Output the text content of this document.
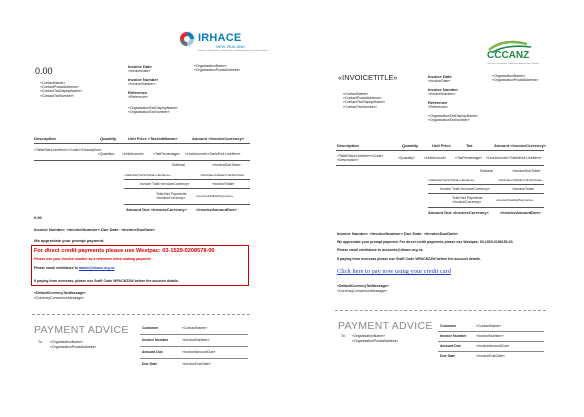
IRHACE
NEW ZEALAND
Institute of Refrigeration, Heating & Air Conditioning Engineers of New Zealand
0.00
«ContactName»
«ContactPostalAddress»
«ContactTaxDisplayName»
«ContactTaxNumber»
Invoice Date
«InvoiceDate»
Invoice Number
«InvoiceNumber»
Reference
«Reference»
«OrganisationTaxDisplayName»
«OrganisationTaxNumber»
«OrganisationName»
«OrganisationPostalAddress»
Description	Quantity	Unit Price «TaxUnitName»	Amount «InvoiceCurrency»
«TableStart:LineItem»«Code»«Description»
«Quantity» «UnitAmount»	«TaxPercentage» «LineAmount»«TableEnd:LineItem»
Subtotal	«InvoiceSubTotal»
«TableStart:TaxSubTotal»«TaxName»	«TaxTotal»«TableEnd:TaxSubTotal»
Invoice Total «InvoiceCurrency»	«InvoiceTotal»
Total Net Payments
«InvoiceCurrency»	«InvoiceTotalNetPayments»
Amount Due «InvoiceCurrency» «InvoiceAmountDue»
0.00
Invoice Number: «InvoiceNumber» Due Date: «InvoiceDueDate»
We appreciate your prompt payment.
For direct credit payments please use Westpac: 03-1529-0208578-00
Please use your invoice number as a reference when making payment.
Please email remittance to admin@irhace.org.nz
If paying from overseas, please use Swift Code WPACNZ2W before the account details.
«DefaultCurrencyTaxMessage»
«CurrencyConversionMessage»
PAYMENT ADVICE
To: «OrganisationName»
«OrganisationPostalAddress»
Customer	«ContactName»
Invoice Number	«InvoiceNumber»
Amount Due	«InvoiceAmountDue»
Due Date	«InvoiceDueDate»
CCCANZ
Concrete Construction Certification Aotearoa New Zealand
«INVOICETITLE»
«ContactName»
«ContactPostalAddress»
«ContactTaxDisplayName»
«ContactTaxNumber»
Invoice Date
«InvoiceDate»
Invoice Number
«InvoiceNumber»
Reference
«Reference»
«OrganisationTaxDisplayName»
«OrganisationTaxNumber»
«OrganisationName»
«OrganisationPostalAddress»
Description	Quantity	Unit Price	Tax	Amount «InvoiceCurrency»
«TableStart:LineItem»«Code»
«Description»	«Quantity»	«UnitAmount»	«TaxPercentage» «LineAmount»«TableEnd:LineItem»
Subtotal	«InvoiceSubTotal»
«TableStart:TaxSubTotal»«TaxName»	«TaxTotal»«TableEnd:TaxSubTotal»
Invoice Total «InvoiceCurrency»	«InvoiceTotal»
Total Net Payments
«InvoiceCurrency»	«InvoiceTotalNetPayments»
Amount Due «InvoiceCurrency»	«InvoiceAmountDue»
Invoice Number: «InvoiceNumber» Due Date: «InvoiceDueDate»
We appreciate your prompt payment. For direct credit payments please use Westpac: 03-1529-0208155-00.
Please email remittance to accounts@irhace.org.nz.
If paying from overseas please use Swift Code WPACNZ2W before the account details.
Click here to pay now using your credit card
«DefaultCurrencyTaxMessage»
«CurrencyConversionMessage»
PAYMENT ADVICE
To: «OrganisationName»
«OrganisationPostalAddress»
Customer	«ContactName»
Invoice Number	«InvoiceNumber»
Amount Due	«InvoiceAmountDue»
Due Date	«InvoiceDueDate»
